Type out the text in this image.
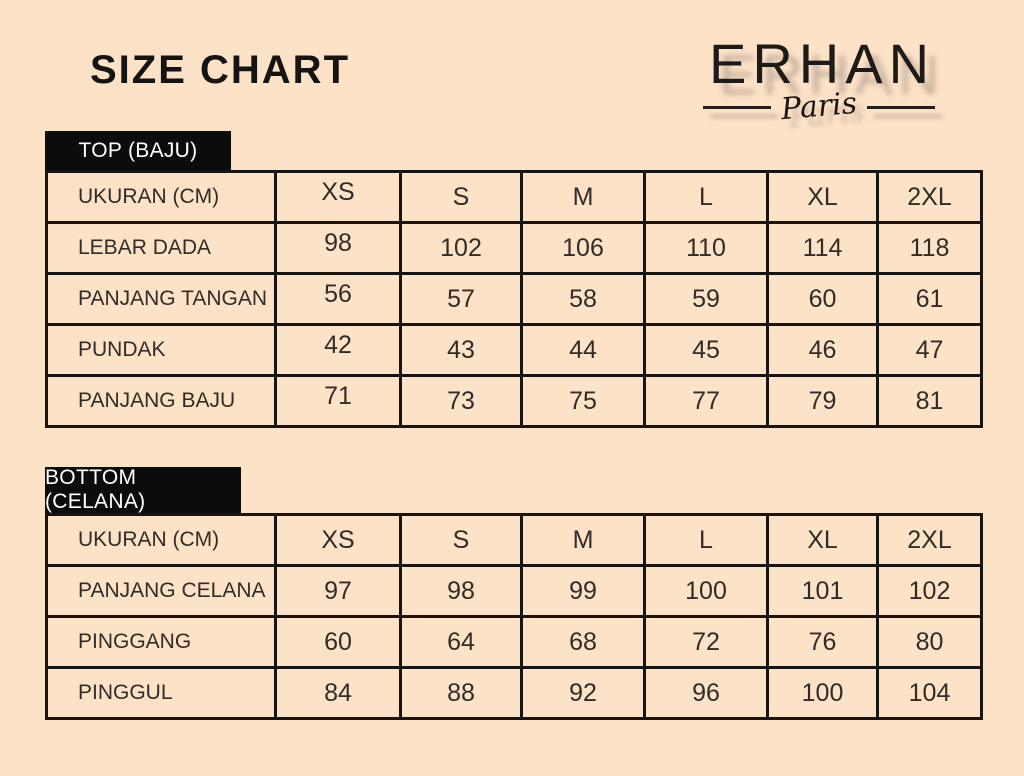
SIZE CHART	ERHAN
Paris
TOP (BAJU)
UKURAN (CM)	XS	S	M	L	XL	2XL
LEBAR DADA	98	102	106	110	114	118
PANJANG TANGAN 56	57	58	59	60	61
PUNDAK	42	43	44	45	46	47
PANJANG BAJU	71	73	75	77	79	81
BOTTOM (CELANA)
UKURAN (CM)	XS	S	M	L	XL	2XL
PANJANG CELANA 97	98	99	100	101	102
PINGGANG	60	64	68	72	76	80
PINGGUL	84	88	92	96	100	104
